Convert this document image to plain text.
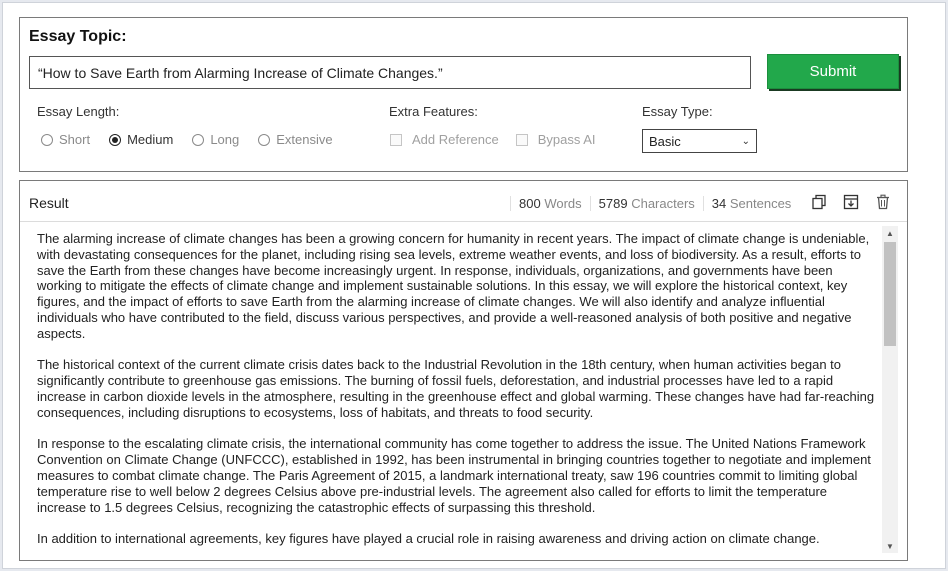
Essay Topic:
“How to Save Earth from Alarming Increase of Climate Changes.”
Submit
Essay Length:
Short	Medium	Long	Extensive
Extra Features:
Add Reference	Bypass AI
Essay Type:
Basic	⌄
Result	800 Words	5789 Characters	34 Sentences

The alarming increase of climate changes has been a growing concern for humanity in recent years. The impact of climate change is undeniable, with devastating consequences for the planet, including rising sea levels, extreme weather events, and loss of biodiversity. As a result, efforts to save the Earth from these changes have become increasingly urgent. In response, individuals, organizations, and governments have been working to mitigate the effects of climate change and implement sustainable solutions. In this essay, we will explore the historical context, key figures, and the impact of efforts to save Earth from the alarming increase of climate changes. We will also identify and analyze influential individuals who have contributed to the field, discuss various perspectives, and provide a well-reasoned analysis of both positive and negative aspects.

The historical context of the current climate crisis dates back to the Industrial Revolution in the 18th century, when human activities began to significantly contribute to greenhouse gas emissions. The burning of fossil fuels, deforestation, and industrial processes have led to a rapid increase in carbon dioxide levels in the atmosphere, resulting in the greenhouse effect and global warming. These changes have had far-reaching consequences, including disruptions to ecosystems, loss of habitats, and threats to food security.

In response to the escalating climate crisis, the international community has come together to address the issue. The United Nations Framework Convention on Climate Change (UNFCCC), established in 1992, has been instrumental in bringing countries together to negotiate and implement measures to combat climate change. The Paris Agreement of 2015, a landmark international treaty, saw 196 countries commit to limiting global temperature rise to well below 2 degrees Celsius above pre-industrial levels. The agreement also called for efforts to limit the temperature increase to 1.5 degrees Celsius, recognizing the catastrophic effects of surpassing this threshold.

In addition to international agreements, key figures have played a crucial role in raising awareness and driving action on climate change.

▲
▼
